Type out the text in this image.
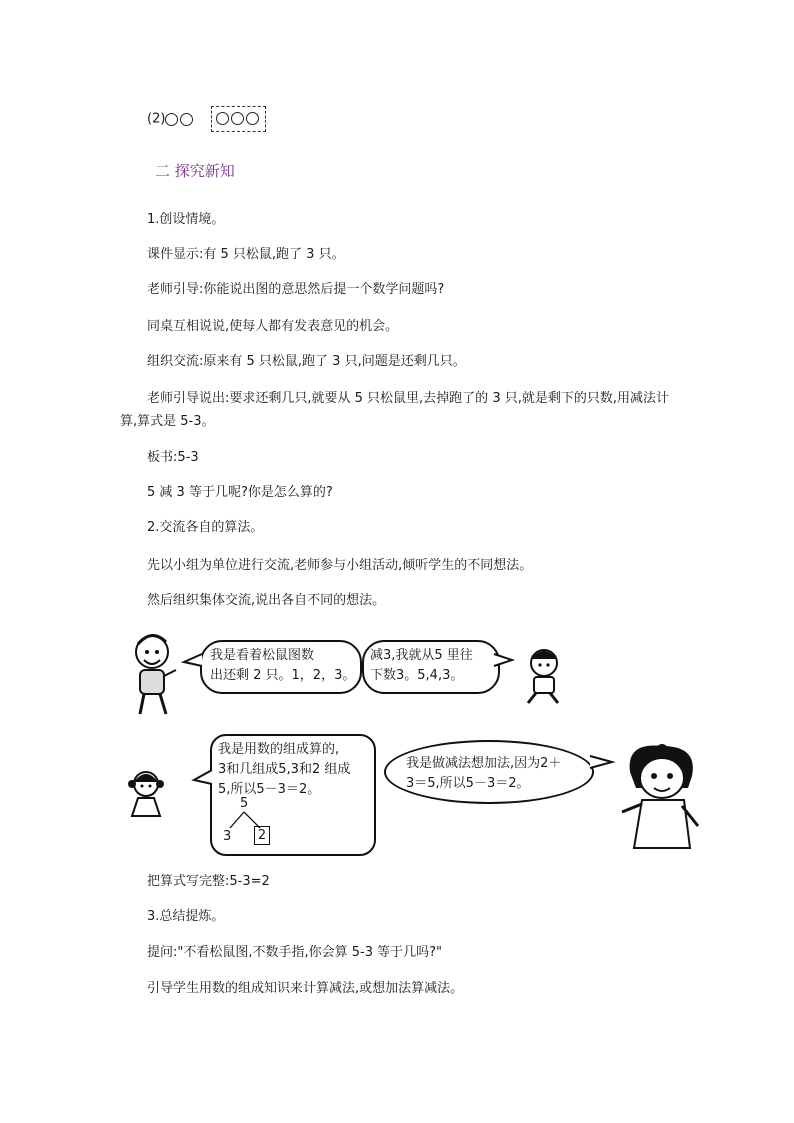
(2)
二 探究新知
1.创设情境。
课件显示:有 5 只松鼠,跑了 3 只。
老师引导:你能说出图的意思然后提一个数学问题吗?
同桌互相说说,使每人都有发表意见的机会。
组织交流:原来有 5 只松鼠,跑了 3 只,问题是还剩几只。
老师引导说出:要求还剩几只,就要从 5 只松鼠里,去掉跑了的 3 只,就是剩下的只数,用减法计算,算式是 5-3。
板书:5-3
5 减 3 等于几呢?你是怎么算的?
2.交流各自的算法。
先以小组为单位进行交流,老师参与小组活动,倾听学生的不同想法。
然后组织集体交流,说出各自不同的想法。
我是看着松鼠图数
出还剩 2 只。1，2，3。
减3,我就从5 里往
下数3。5,4,3。
我是用数的组成算的,
3和几组成5,3和2 组成
5,所以5－3＝2。
5
3 2
我是做减法想加法,因为2＋
3＝5,所以5－3＝2。
把算式写完整:5-3=2
3.总结提炼。
提问:"不看松鼠图,不数手指,你会算 5-3 等于几吗?"
引导学生用数的组成知识来计算减法,或想加法算减法。
